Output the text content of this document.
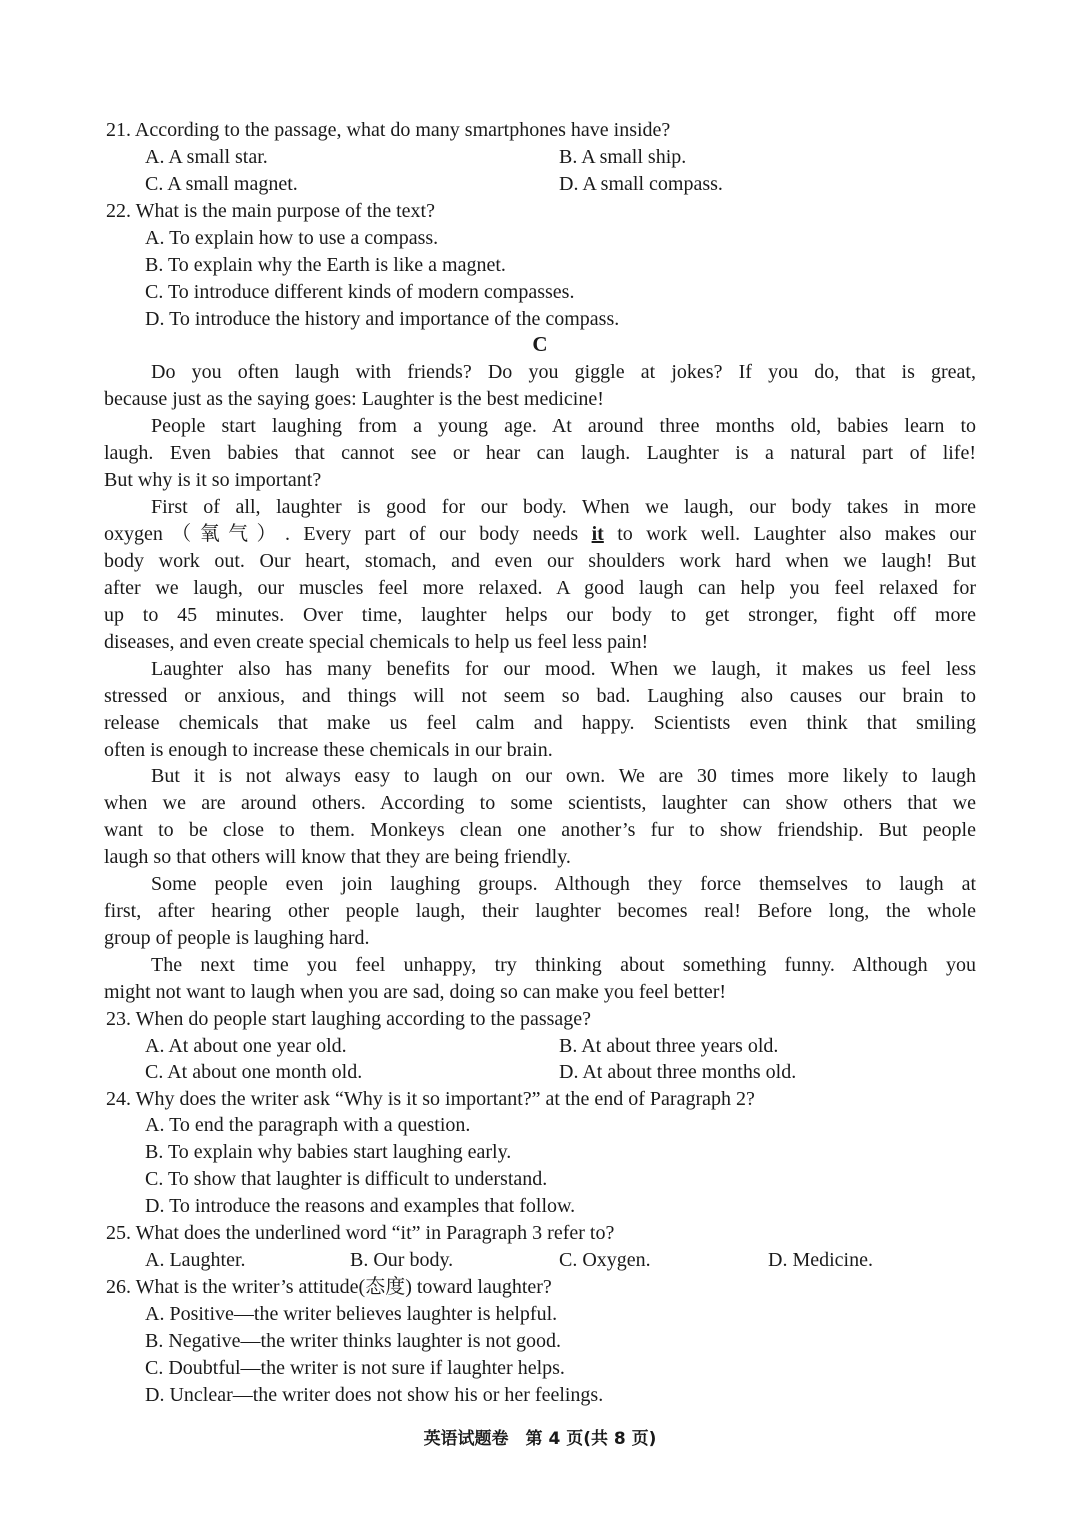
21. According to the passage, what do many smartphones have inside?
A. A small star.	B. A small ship.
C. A small magnet.	D. A small compass.
22. What is the main purpose of the text?
A. To explain how to use a compass.
B. To explain why the Earth is like a magnet.
C. To introduce different kinds of modern compasses.
D. To introduce the history and importance of the compass.
C
Do you often laugh with friends? Do you giggle at jokes? If you do, that is great,
because just as the saying goes: Laughter is the best medicine!
People start laughing from a young age. At around three months old, babies learn to
laugh. Even babies that cannot see or hear can laugh. Laughter is a natural part of life!
But why is it so important?
First of all, laughter is good for our body. When we laugh, our body takes in more
oxygen（氧气）. Every part of our body needs it to work well. Laughter also makes our
body work out. Our heart, stomach, and even our shoulders work hard when we laugh! But
after we laugh, our muscles feel more relaxed. A good laugh can help you feel relaxed for
up to 45 minutes. Over time, laughter helps our body to get stronger, fight off more
diseases, and even create special chemicals to help us feel less pain!
Laughter also has many benefits for our mood. When we laugh, it makes us feel less
stressed or anxious, and things will not seem so bad. Laughing also causes our brain to
release chemicals that make us feel calm and happy. Scientists even think that smiling
often is enough to increase these chemicals in our brain.
But it is not always easy to laugh on our own. We are 30 times more likely to laugh
when we are around others. According to some scientists, laughter can show others that we
want to be close to them. Monkeys clean one another’s fur to show friendship. But people
laugh so that others will know that they are being friendly.
Some people even join laughing groups. Although they force themselves to laugh at
first, after hearing other people laugh, their laughter becomes real! Before long, the whole
group of people is laughing hard.
The next time you feel unhappy, try thinking about something funny. Although you
might not want to laugh when you are sad, doing so can make you feel better!
23. When do people start laughing according to the passage?
A. At about one year old.	B. At about three years old.
C. At about one month old.	D. At about three months old.
24. Why does the writer ask “Why is it so important?” at the end of Paragraph 2?
A. To end the paragraph with a question.
B. To explain why babies start laughing early.
C. To show that laughter is difficult to understand.
D. To introduce the reasons and examples that follow.
25. What does the underlined word “it” in Paragraph 3 refer to?
A. Laughter.	B. Our body.	C. Oxygen.	D. Medicine.
26. What is the writer’s attitude(态度) toward laughter?
A. Positive—the writer believes laughter is helpful.
B. Negative—the writer thinks laughter is not good.
C. Doubtful—the writer is not sure if laughter helps.
D. Unclear—the writer does not show his or her feelings.
英语试题卷　第 4 页(共 8 页)
